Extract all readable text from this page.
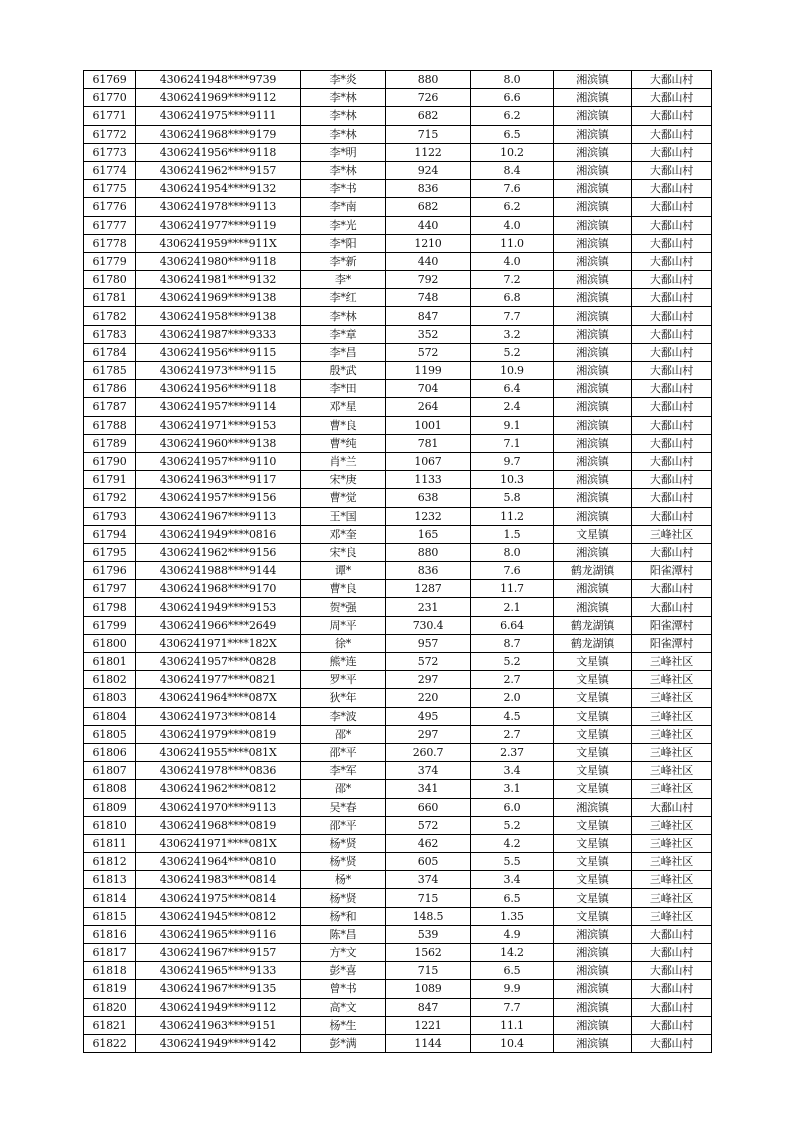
61769	4306241948****9739	李*炎	880	8.0	湘滨镇	大鄱山村
61770	4306241969****9112	李*林	726	6.6	湘滨镇	大鄱山村
61771	4306241975****9111	李*林	682	6.2	湘滨镇	大鄱山村
61772	4306241968****9179	李*林	715	6.5	湘滨镇	大鄱山村
61773	4306241956****9118	李*明	1122	10.2	湘滨镇	大鄱山村
61774	4306241962****9157	李*林	924	8.4	湘滨镇	大鄱山村
61775	4306241954****9132	李*书	836	7.6	湘滨镇	大鄱山村
61776	4306241978****9113	李*南	682	6.2	湘滨镇	大鄱山村
61777	4306241977****9119	李*光	440	4.0	湘滨镇	大鄱山村
61778	4306241959****911X	李*阳	1210	11.0	湘滨镇	大鄱山村
61779	4306241980****9118	李*新	440	4.0	湘滨镇	大鄱山村
61780	4306241981****9132	李*	792	7.2	湘滨镇	大鄱山村
61781	4306241969****9138	李*红	748	6.8	湘滨镇	大鄱山村
61782	4306241958****9138	李*林	847	7.7	湘滨镇	大鄱山村
61783	4306241987****9333	李*章	352	3.2	湘滨镇	大鄱山村
61784	4306241956****9115	李*昌	572	5.2	湘滨镇	大鄱山村
61785	4306241973****9115	殷*武	1199	10.9	湘滨镇	大鄱山村
61786	4306241956****9118	李*田	704	6.4	湘滨镇	大鄱山村
61787	4306241957****9114	邓*星	264	2.4	湘滨镇	大鄱山村
61788	4306241971****9153	曹*良	1001	9.1	湘滨镇	大鄱山村
61789	4306241960****9138	曹*纯	781	7.1	湘滨镇	大鄱山村
61790	4306241957****9110	肖*兰	1067	9.7	湘滨镇	大鄱山村
61791	4306241963****9117	宋*庚	1133	10.3	湘滨镇	大鄱山村
61792	4306241957****9156	曹*觉	638	5.8	湘滨镇	大鄱山村
61793	4306241967****9113	王*国	1232	11.2	湘滨镇	大鄱山村
61794	4306241949****0816	邓*奎	165	1.5	文星镇	三峰社区
61795	4306241962****9156	宋*良	880	8.0	湘滨镇	大鄱山村
61796	4306241988****9144	谭*	836	7.6	鹤龙湖镇	阳雀潭村
61797	4306241968****9170	曹*良	1287	11.7	湘滨镇	大鄱山村
61798	4306241949****9153	贺*强	231	2.1	湘滨镇	大鄱山村
61799	4306241966****2649	周*平	730.4	6.64	鹤龙湖镇	阳雀潭村
61800	4306241971****182X	徐*	957	8.7	鹤龙湖镇	阳雀潭村
61801	4306241957****0828	熊*连	572	5.2	文星镇	三峰社区
61802	4306241977****0821	罗*平	297	2.7	文星镇	三峰社区
61803	4306241964****087X	狄*年	220	2.0	文星镇	三峰社区
61804	4306241973****0814	李*波	495	4.5	文星镇	三峰社区
61805	4306241979****0819	邵*	297	2.7	文星镇	三峰社区
61806	4306241955****081X	邵*平	260.7	2.37	文星镇	三峰社区
61807	4306241978****0836	李*军	374	3.4	文星镇	三峰社区
61808	4306241962****0812	邵*	341	3.1	文星镇	三峰社区
61809	4306241970****9113	吴*春	660	6.0	湘滨镇	大鄱山村
61810	4306241968****0819	邵*平	572	5.2	文星镇	三峰社区
61811	4306241971****081X	杨*贤	462	4.2	文星镇	三峰社区
61812	4306241964****0810	杨*贤	605	5.5	文星镇	三峰社区
61813	4306241983****0814	杨*	374	3.4	文星镇	三峰社区
61814	4306241975****0814	杨*贤	715	6.5	文星镇	三峰社区
61815	4306241945****0812	杨*和	148.5	1.35	文星镇	三峰社区
61816	4306241965****9116	陈*昌	539	4.9	湘滨镇	大鄱山村
61817	4306241967****9157	方*文	1562	14.2	湘滨镇	大鄱山村
61818	4306241965****9133	彭*喜	715	6.5	湘滨镇	大鄱山村
61819	4306241967****9135	曾*书	1089	9.9	湘滨镇	大鄱山村
61820	4306241949****9112	高*文	847	7.7	湘滨镇	大鄱山村
61821	4306241963****9151	杨*生	1221	11.1	湘滨镇	大鄱山村
61822	4306241949****9142	彭*满	1144	10.4	湘滨镇	大鄱山村
